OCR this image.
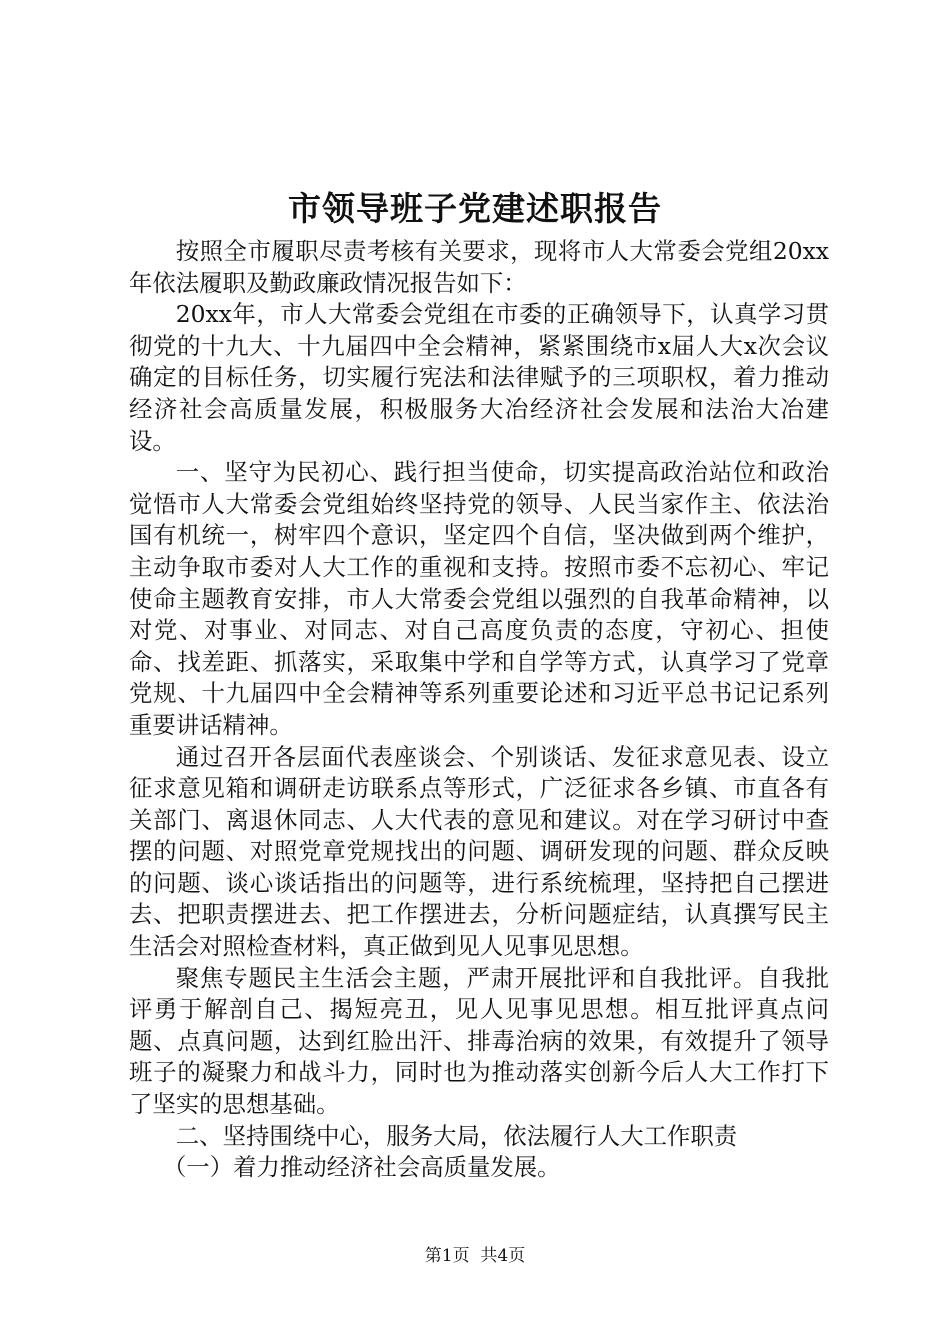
市领导班子党建述职报告

按照全市履职尽责考核有关要求，现将市人大常委会党组20xx年依法履职及勤政廉政情况报告如下：

20xx年，市人大常委会党组在市委的正确领导下，认真学习贯彻党的十九大、十九届四中全会精神，紧紧围绕市x届人大x次会议确定的目标任务，切实履行宪法和法律赋予的三项职权，着力推动经济社会高质量发展，积极服务大冶经济社会发展和法治大冶建设。

一、坚守为民初心、践行担当使命，切实提高政治站位和政治觉悟市人大常委会党组始终坚持党的领导、人民当家作主、依法治国有机统一，树牢四个意识，坚定四个自信，坚决做到两个维护，主动争取市委对人大工作的重视和支持。按照市委不忘初心、牢记使命主题教育安排，市人大常委会党组以强烈的自我革命精神，以对党、对事业、对同志、对自己高度负责的态度，守初心、担使命、找差距、抓落实，采取集中学和自学等方式，认真学习了党章党规、十九届四中全会精神等系列重要论述和习近平总书记记系列重要讲话精神。

通过召开各层面代表座谈会、个别谈话、发征求意见表、设立征求意见箱和调研走访联系点等形式，广泛征求各乡镇、市直各有关部门、离退休同志、人大代表的意见和建议。对在学习研讨中查摆的问题、对照党章党规找出的问题、调研发现的问题、群众反映的问题、谈心谈话指出的问题等，进行系统梳理，坚持把自己摆进去、把职责摆进去、把工作摆进去，分析问题症结，认真撰写民主生活会对照检查材料，真正做到见人见事见思想。

聚焦专题民主生活会主题，严肃开展批评和自我批评。自我批评勇于解剖自己、揭短亮丑，见人见事见思想。相互批评真点问题、点真问题，达到红脸出汗、排毒治病的效果，有效提升了领导班子的凝聚力和战斗力，同时也为推动落实创新今后人大工作打下了坚实的思想基础。

二、坚持围绕中心，服务大局，依法履行人大工作职责

（一）着力推动经济社会高质量发展。

第1页  共4页
